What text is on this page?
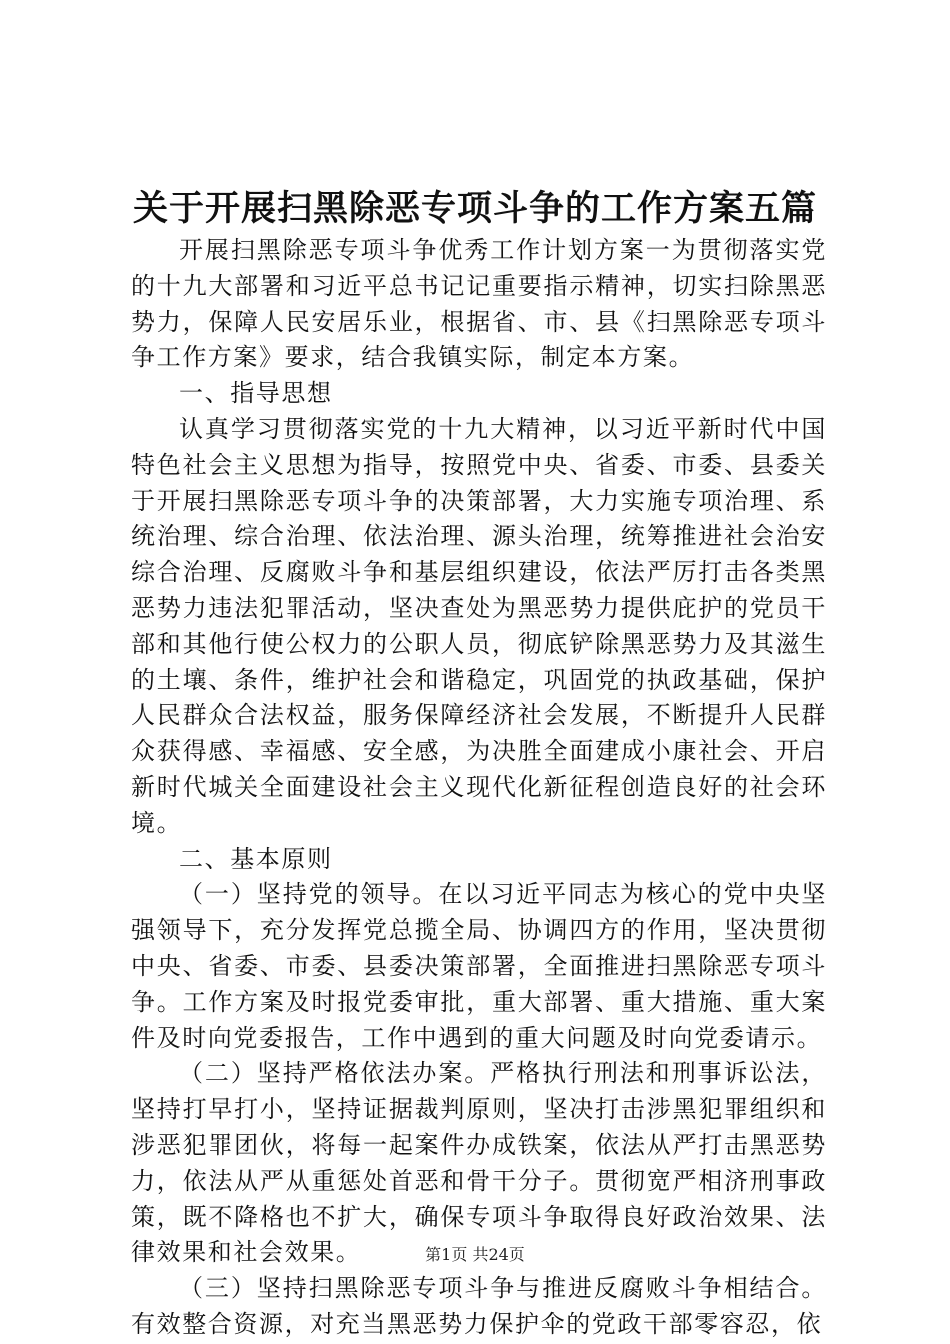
关于开展扫黑除恶专项斗争的工作方案五篇

开展扫黑除恶专项斗争优秀工作计划方案一为贯彻落实党的十九大部署和习近平总书记记重要指示精神，切实扫除黑恶势力，保障人民安居乐业，根据省、市、县《扫黑除恶专项斗争工作方案》要求，结合我镇实际，制定本方案。

一、指导思想

认真学习贯彻落实党的十九大精神，以习近平新时代中国特色社会主义思想为指导，按照党中央、省委、市委、县委关于开展扫黑除恶专项斗争的决策部署，大力实施专项治理、系统治理、综合治理、依法治理、源头治理，统筹推进社会治安综合治理、反腐败斗争和基层组织建设，依法严厉打击各类黑恶势力违法犯罪活动，坚决查处为黑恶势力提供庇护的党员干部和其他行使公权力的公职人员，彻底铲除黑恶势力及其滋生的土壤、条件，维护社会和谐稳定，巩固党的执政基础，保护人民群众合法权益，服务保障经济社会发展，不断提升人民群众获得感、幸福感、安全感，为决胜全面建成小康社会、开启新时代城关全面建设社会主义现代化新征程创造良好的社会环境。

二、基本原则

（一）坚持党的领导。在以习近平同志为核心的党中央坚强领导下，充分发挥党总揽全局、协调四方的作用，坚决贯彻中央、省委、市委、县委决策部署，全面推进扫黑除恶专项斗争。工作方案及时报党委审批，重大部署、重大措施、重大案件及时向党委报告，工作中遇到的重大问题及时向党委请示。

（二）坚持严格依法办案。严格执行刑法和刑事诉讼法，坚持打早打小，坚持证据裁判原则，坚决打击涉黑犯罪组织和涉恶犯罪团伙，将每一起案件办成铁案，依法从严打击黑恶势力，依法从严从重惩处首恶和骨干分子。贯彻宽严相济刑事政策，既不降格也不扩大，确保专项斗争取得良好政治效果、法律效果和社会效果。

（三）坚持扫黑除恶专项斗争与推进反腐败斗争相结合。有效整合资源，对充当黑恶势力保护伞的党政干部零容忍，依

第1页 共24页
